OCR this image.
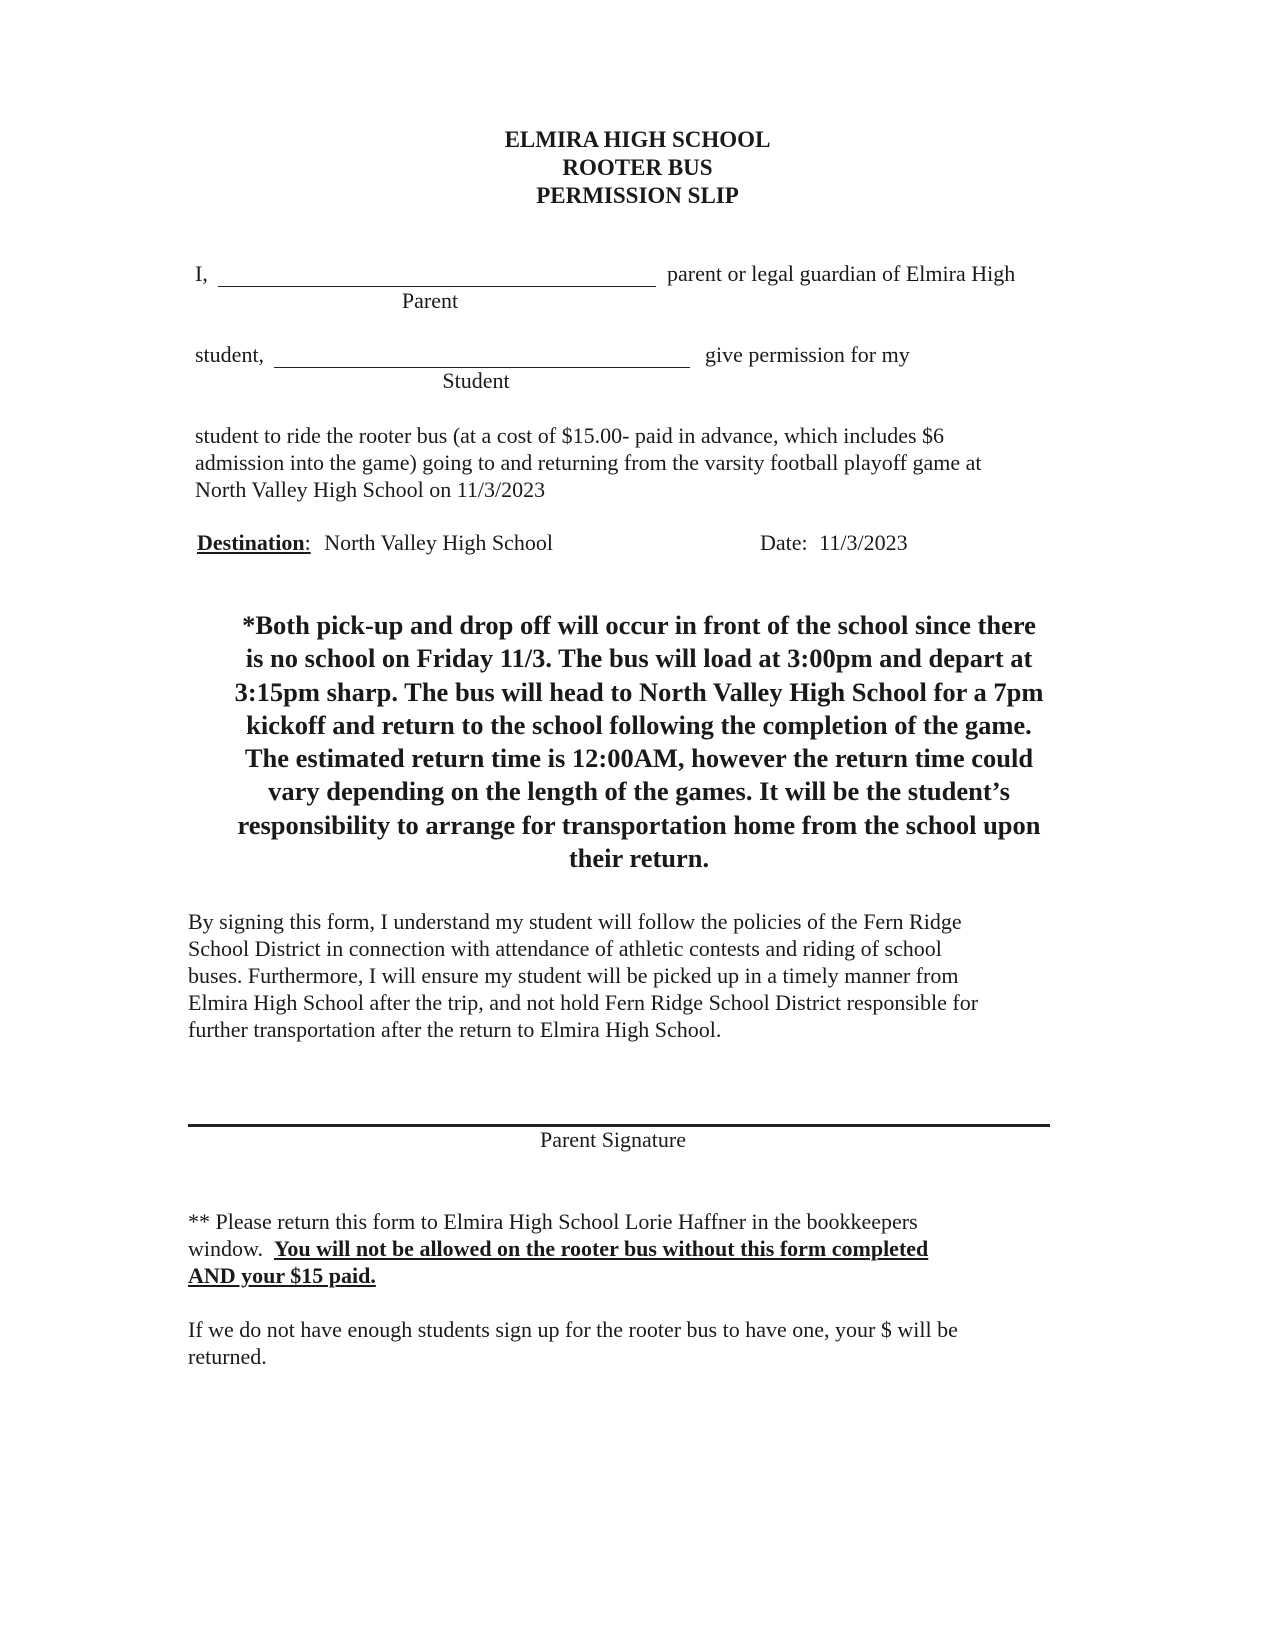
ELMIRA HIGH SCHOOL
ROOTER BUS
PERMISSION SLIP
I,	parent or legal guardian of Elmira High
Parent
student,	give permission for my
Student
student to ride the rooter bus (at a cost of $15.00- paid in advance, which includes $6
admission into the game) going to and returning from the varsity football playoff game at
North Valley High School on 11/3/2023
Destination: North Valley High School	Date: 11/3/2023
*Both pick-up and drop off will occur in front of the school since there
is no school on Friday 11/3. The bus will load at 3:00pm and depart at
3:15pm sharp. The bus will head to North Valley High School for a 7pm
kickoff and return to the school following the completion of the game.
The estimated return time is 12:00AM, however the return time could
vary depending on the length of the games. It will be the student’s
responsibility to arrange for transportation home from the school upon
their return.
By signing this form, I understand my student will follow the policies of the Fern Ridge
School District in connection with attendance of athletic contests and riding of school
buses. Furthermore, I will ensure my student will be picked up in a timely manner from
Elmira High School after the trip, and not hold Fern Ridge School District responsible for
further transportation after the return to Elmira High School.
Parent Signature
** Please return this form to Elmira High School Lorie Haffner in the bookkeepers
window. You will not be allowed on the rooter bus without this form completed
AND your $15 paid.
If we do not have enough students sign up for the rooter bus to have one, your $ will be
returned.
